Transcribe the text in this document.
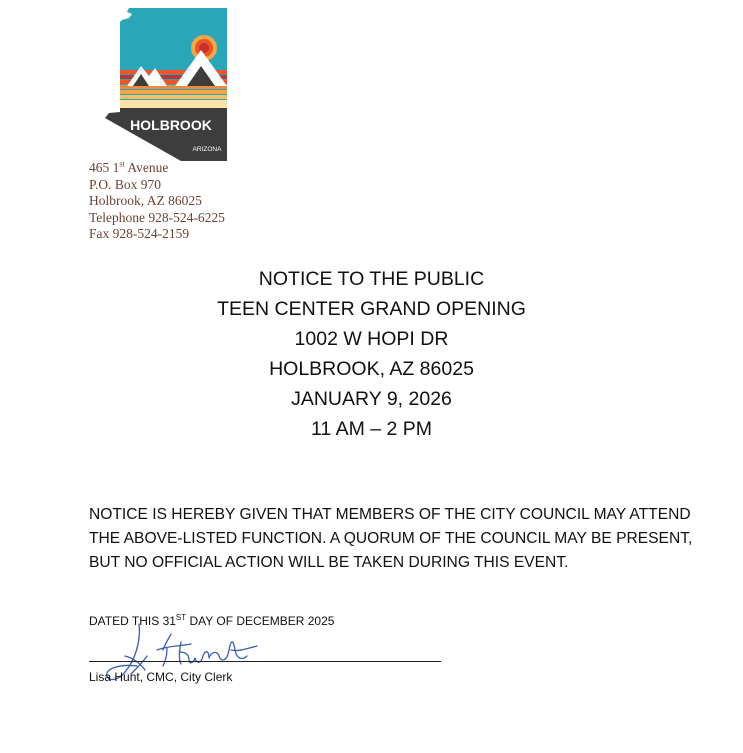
HOLBROOK
ARIZONA
465 1st Avenue
P.O. Box 970
Holbrook, AZ 86025
Telephone 928-524-6225
Fax 928-524-2159
NOTICE TO THE PUBLIC
TEEN CENTER GRAND OPENING
1002 W HOPI DR
HOLBROOK, AZ 86025
JANUARY 9, 2026
11 AM – 2 PM
NOTICE IS HEREBY GIVEN THAT MEMBERS OF THE CITY COUNCIL MAY ATTEND THE ABOVE-LISTED FUNCTION. A QUORUM OF THE COUNCIL MAY BE PRESENT, BUT NO OFFICIAL ACTION WILL BE TAKEN DURING THIS EVENT.
DATED THIS 31ST DAY OF DECEMBER 2025
Lisa Hunt, CMC, City Clerk
